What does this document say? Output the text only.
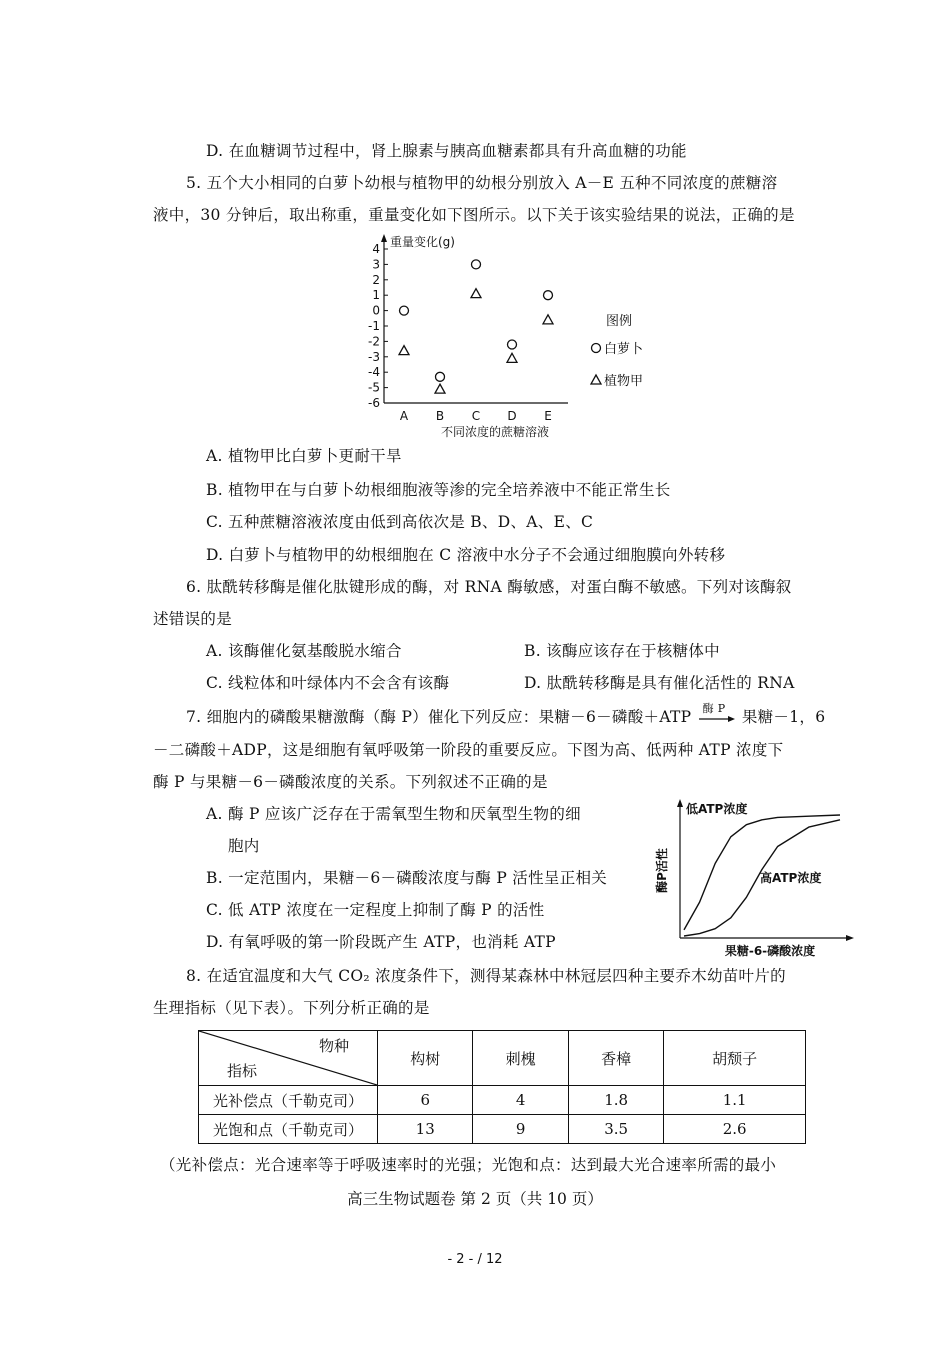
D. 在血糖调节过程中，肾上腺素与胰高血糖素都具有升高血糖的功能
5. 五个大小相同的白萝卜幼根与植物甲的幼根分别放入 A－E 五种不同浓度的蔗糖溶
液中，30 分钟后，取出称重，重量变化如下图所示。以下关于该实验结果的说法，正确的是
4
3
2
1
0
-1
-2
-3
-4
-5
-6
重量变化(g)
A B C D E
不同浓度的蔗糖溶液
图例
白萝卜
植物甲
A. 植物甲比白萝卜更耐干旱
B. 植物甲在与白萝卜幼根细胞液等渗的完全培养液中不能正常生长
C. 五种蔗糖溶液浓度由低到高依次是 B、D、A、E、C
D. 白萝卜与植物甲的幼根细胞在 C 溶液中水分子不会通过细胞膜向外转移
6. 肽酰转移酶是催化肽键形成的酶，对 RNA 酶敏感，对蛋白酶不敏感。下列对该酶叙
述错误的是
A. 该酶催化氨基酸脱水缩合	B. 该酶应该存在于核糖体中
C. 线粒体和叶绿体内不会含有该酶	D. 肽酰转移酶是具有催化活性的 RNA
7. 细胞内的磷酸果糖激酶（酶 P）催化下列反应：果糖－6－磷酸＋ATP 酶 P 果糖－1，6
－二磷酸＋ADP，这是细胞有氧呼吸第一阶段的重要反应。下图为高、低两种 ATP 浓度下
酶 P 与果糖－6－磷酸浓度的关系。下列叙述不正确的是
A. 酶 P 应该广泛存在于需氧型生物和厌氧型生物的细
胞内
B. 一定范围内，果糖－6－磷酸浓度与酶 P 活性呈正相关
C. 低 ATP 浓度在一定程度上抑制了酶 P 的活性
D. 有氧呼吸的第一阶段既产生 ATP，也消耗 ATP
酶P活性
果糖-6-磷酸浓度
低ATP浓度
高ATP浓度
8. 在适宜温度和大气 CO₂ 浓度条件下，测得某森林中林冠层四种主要乔木幼苗叶片的
生理指标（见下表）。下列分析正确的是
物种
指标	构树	刺槐	香樟	胡颓子
光补偿点（千勒克司）	6	4	1.8	1.1
光饱和点（千勒克司）	13	9	3.5	2.6
（光补偿点：光合速率等于呼吸速率时的光强；光饱和点：达到最大光合速率所需的最小
高三生物试题卷 第 2 页（共 10 页）
- 2 - / 12
